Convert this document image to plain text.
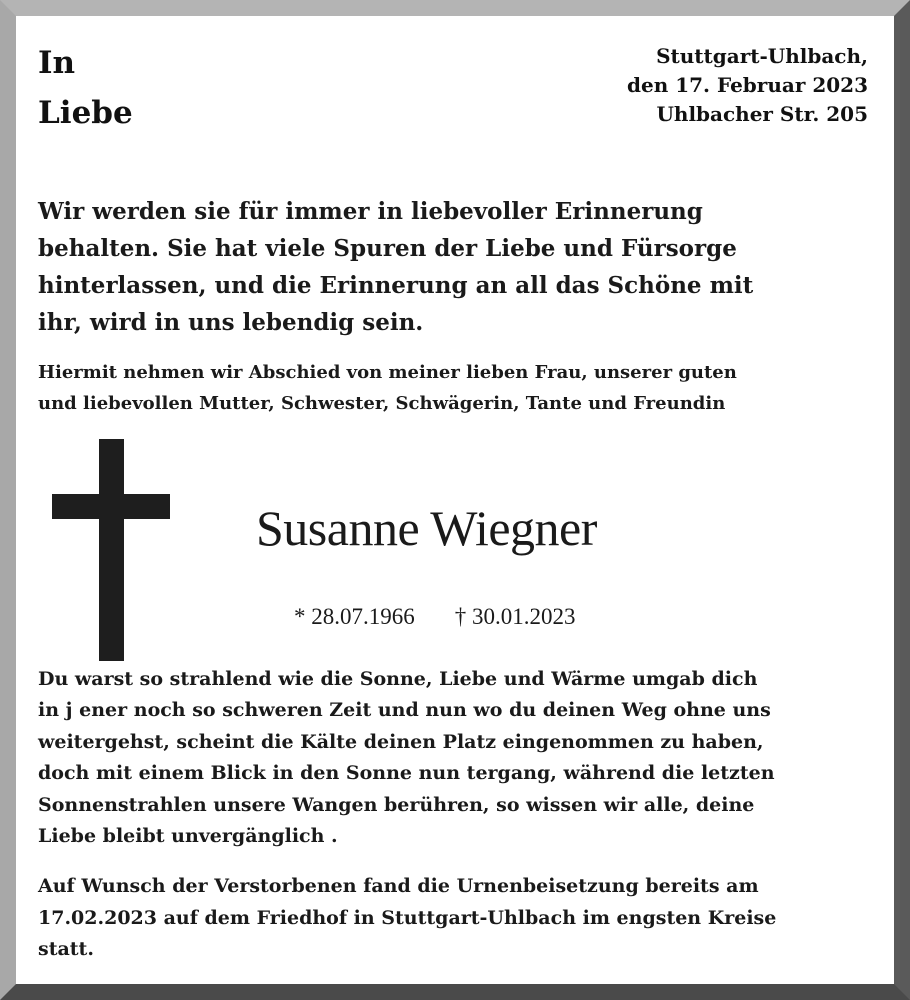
In
Liebe
Stuttgart-Uhlbach,
den 17. Februar 2023
Uhlbacher Str. 205
Wir werden sie für immer in liebevoller Erinnerung
behalten. Sie hat viele Spuren der Liebe und Fürsorge
hinterlassen, und die Erinnerung an all das Schöne mit
ihr, wird in uns lebendig sein.
Hiermit nehmen wir Abschied von meiner lieben Frau, unserer guten
und liebevollen Mutter, Schwester, Schwägerin, Tante und Freundin
Susanne Wiegner
* 28.07.1966 † 30.01.2023
Du warst so strahlend wie die Sonne, Liebe und Wärme umgab dich
in j ener noch so schweren Zeit und nun wo du deinen Weg ohne uns
weitergehst, scheint die Kälte deinen Platz eingenommen zu haben,
doch mit einem Blick in den Sonne nun tergang, während die letzten
Sonnenstrahlen unsere Wangen berühren, so wissen wir alle, deine
Liebe bleibt unvergänglich .
Auf Wunsch der Verstorbenen fand die Urnenbeisetzung bereits am
17.02.2023 auf dem Friedhof in Stuttgart-Uhlbach im engsten Kreise
statt.
